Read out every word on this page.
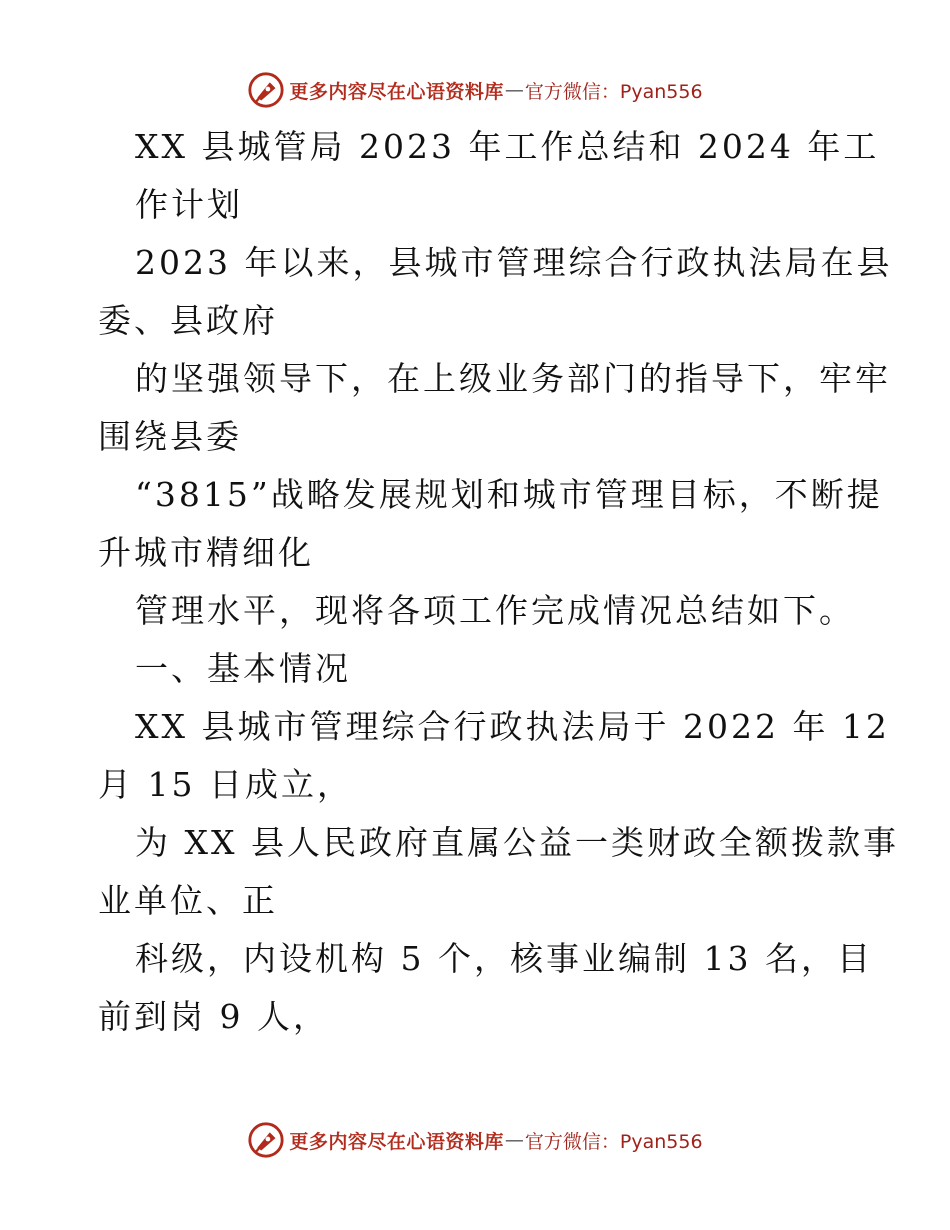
更多内容尽在心语资料库 — 官方微信：Pyan556
XX 县城管局 2023 年工作总结和 2024 年工
作计划
2023 年以来，县城市管理综合行政执法局在县
委、县政府
的坚强领导下，在上级业务部门的指导下，牢牢
围绕县委
“3815”战略发展规划和城市管理目标，不断提
升城市精细化
管理水平，现将各项工作完成情况总结如下。
一、基本情况
XX 县城市管理综合行政执法局于 2022 年 12
月 15 日成立，
为 XX 县人民政府直属公益一类财政全额拨款事
业单位、正
科级，内设机构 5 个，核事业编制 13 名，目
前到岗 9 人，
更多内容尽在心语资料库 — 官方微信：Pyan556
